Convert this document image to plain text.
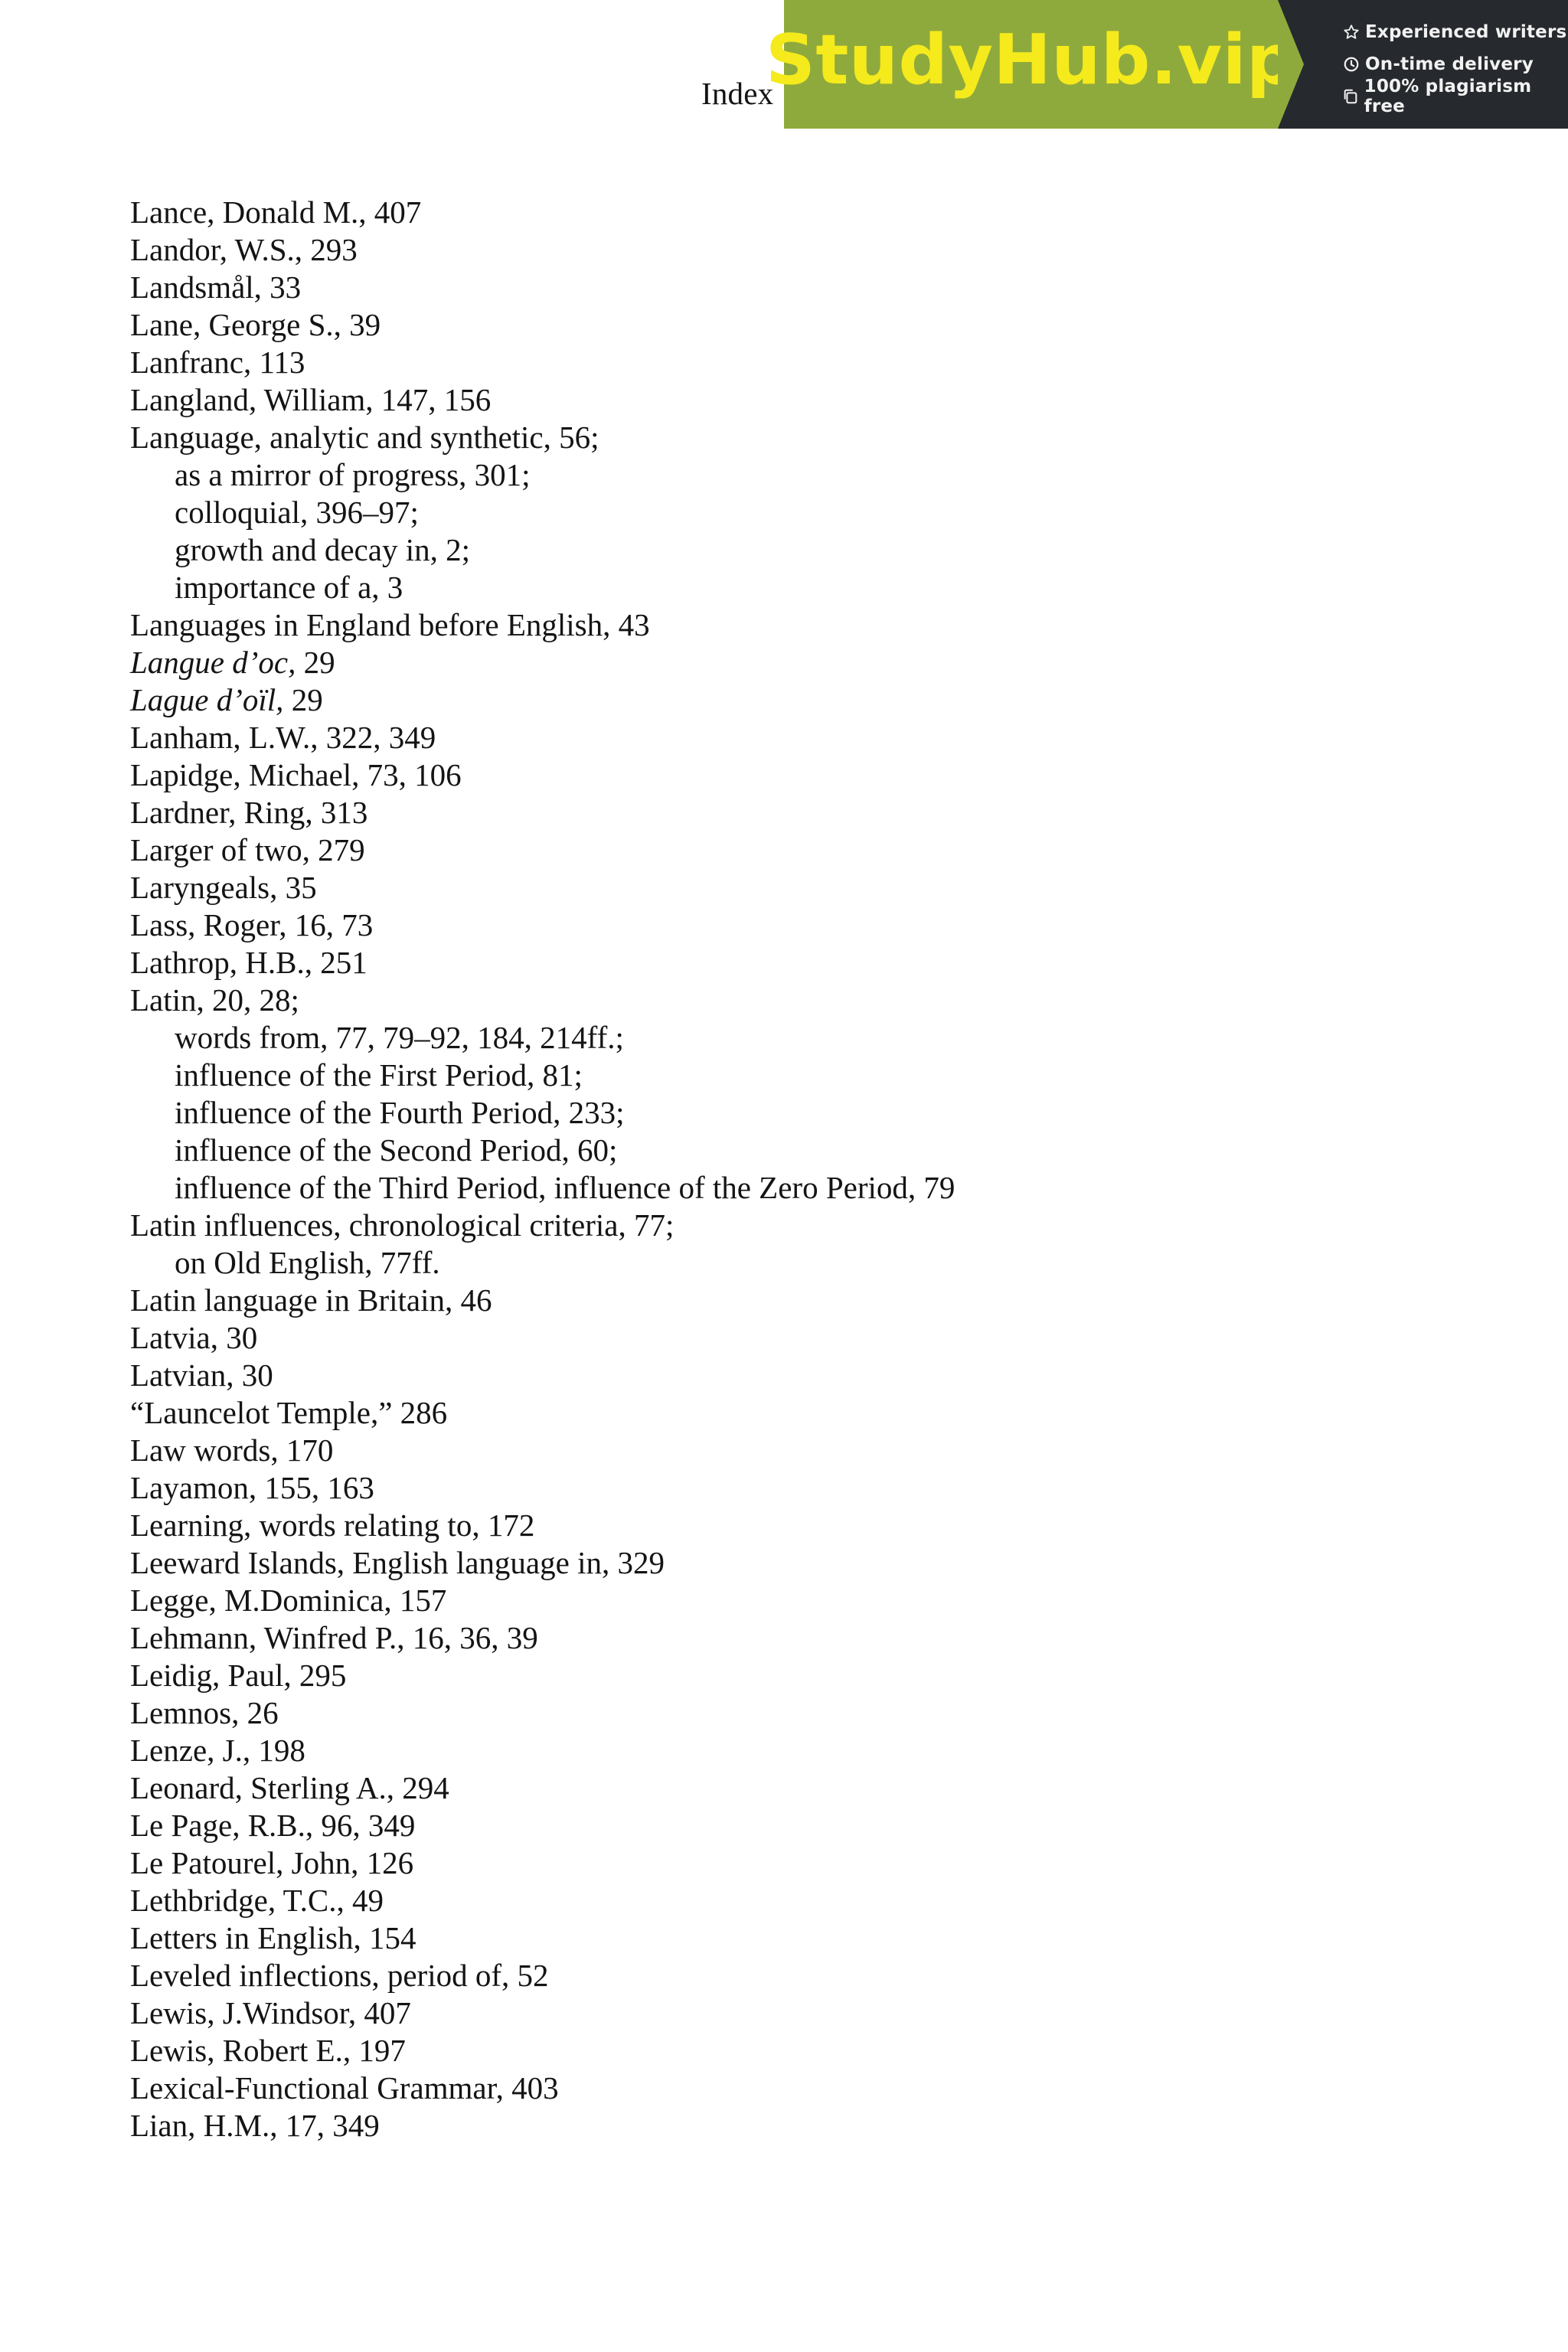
Index
StudyHub.vip	Experienced writers
On-time delivery
100% plagiarism free
Lance, Donald M., 407
Landor, W.S., 293
Landsmål, 33
Lane, George S., 39
Lanfranc, 113
Langland, William, 147, 156
Language, analytic and synthetic, 56;
as a mirror of progress, 301;
colloquial, 396–97;
growth and decay in, 2;
importance of a, 3
Languages in England before English, 43
Langue d’oc, 29
Lague d’oïl, 29
Lanham, L.W., 322, 349
Lapidge, Michael, 73, 106
Lardner, Ring, 313
Larger of two, 279
Laryngeals, 35
Lass, Roger, 16, 73
Lathrop, H.B., 251
Latin, 20, 28;
words from, 77, 79–92, 184, 214ff.;
influence of the First Period, 81;
influence of the Fourth Period, 233;
influence of the Second Period, 60;
influence of the Third Period, influence of the Zero Period, 79
Latin influences, chronological criteria, 77;
on Old English, 77ff.
Latin language in Britain, 46
Latvia, 30
Latvian, 30
“Launcelot Temple,” 286
Law words, 170
Layamon, 155, 163
Learning, words relating to, 172
Leeward Islands, English language in, 329
Legge, M.Dominica, 157
Lehmann, Winfred P., 16, 36, 39
Leidig, Paul, 295
Lemnos, 26
Lenze, J., 198
Leonard, Sterling A., 294
Le Page, R.B., 96, 349
Le Patourel, John, 126
Lethbridge, T.C., 49
Letters in English, 154
Leveled inflections, period of, 52
Lewis, J.Windsor, 407
Lewis, Robert E., 197
Lexical-Functional Grammar, 403
Lian, H.M., 17, 349
